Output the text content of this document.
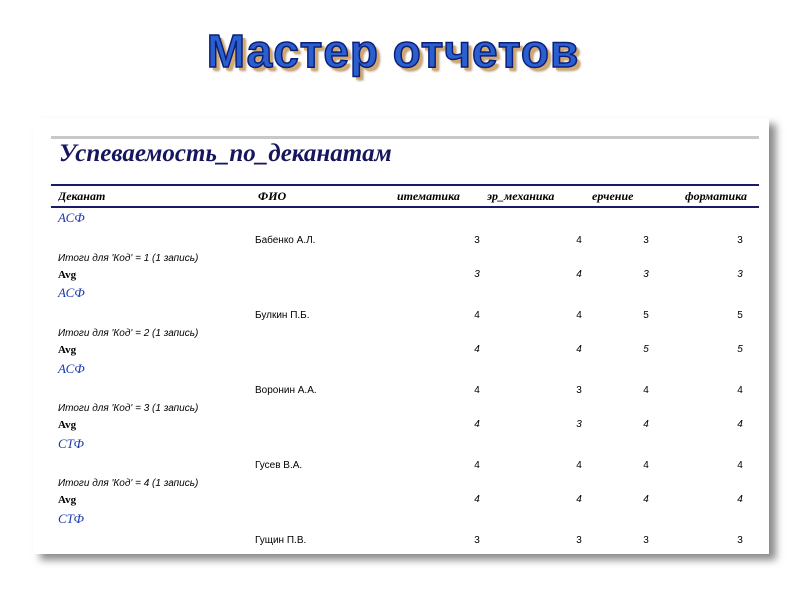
Мастер отчетов
Успеваемость_по_деканатам
Деканат	ФИО	итематика	эр_механика	ерчение	форматика
АСФ
Бабенко А.Л.	3	4	3	3
Итоги для 'Код' = 1 (1 запись)
Avg	3	4	3	3
АСФ
Булкин П.Б.	4	4	5	5
Итоги для 'Код' = 2 (1 запись)
Avg	4	4	5	5
АСФ
Воронин А.А.	4	3	4	4
Итоги для 'Код' = 3 (1 запись)
Avg	4	3	4	4
СТФ
Гусев В.А.	4	4	4	4
Итоги для 'Код' = 4 (1 запись)
Avg	4	4	4	4
СТФ
Гущин П.В.	3	3	3	3
